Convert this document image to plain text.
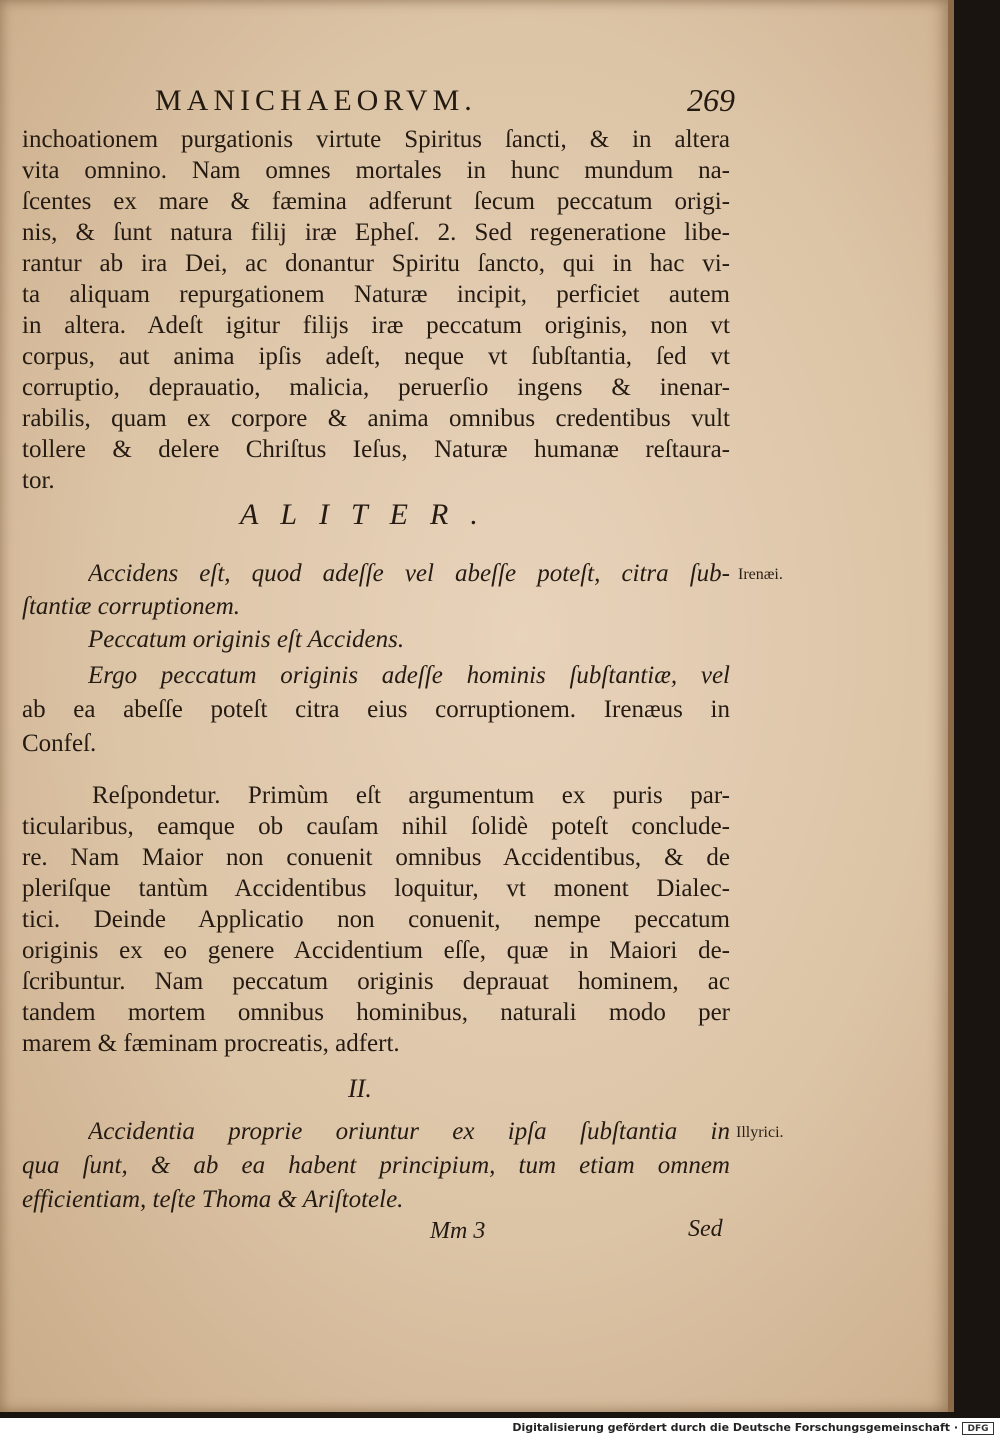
MANICHAEORVM.	269
inchoationem purgationis virtute Spiritus ſancti, & in altera
vita omnino. Nam omnes mortales in hunc mundum na-
ſcentes ex mare & fæmina adferunt ſecum peccatum origi-
nis, & ſunt natura filij iræ Epheſ. 2. Sed regeneratione libe-
rantur ab ira Dei, ac donantur Spiritu ſancto, qui in hac vi-
ta aliquam repurgationem Naturæ incipit, perficiet autem
in altera. Adeſt igitur filijs iræ peccatum originis, non vt
corpus, aut anima ipſis adeſt, neque vt ſubſtantia, ſed vt
corruptio, deprauatio, malicia, peruerſio ingens & inenar-
rabilis, quam ex corpore & anima omnibus credentibus vult
tollere & delere Chriſtus Ieſus, Naturæ humanæ reſtaura-
tor.
ALITER.
Accidens eſt, quod adeſſe vel abeſſe poteſt, citra ſub-
ſtantiæ corruptionem.
Peccatum originis eſt Accidens.
Ergo peccatum originis adeſſe hominis ſubſtantiæ, vel
ab ea abeſſe poteſt citra eius corruptionem. Irenæus in
Confeſ.
Irenæi.
Reſpondetur. Primùm eſt argumentum ex puris par-
ticularibus, eamque ob cauſam nihil ſolidè poteſt conclude-
re. Nam Maior non conuenit omnibus Accidentibus, & de
pleriſque tantùm Accidentibus loquitur, vt monent Dialec-
tici. Deinde Applicatio non conuenit, nempe peccatum
originis ex eo genere Accidentium eſſe, quæ in Maiori de-
ſcribuntur. Nam peccatum originis deprauat hominem, ac
tandem mortem omnibus hominibus, naturali modo per
marem & fæminam procreatis, adfert.
II.
Accidentia proprie oriuntur ex ipſa ſubſtantia in
qua ſunt, & ab ea habent principium, tum etiam omnem
efficientiam, teſte Thoma & Ariſtotele.
Illyrici.
Mm 3	Sed
Digitalisierung gefördert durch die Deutsche Forschungsgemeinschaft ·	DFG
